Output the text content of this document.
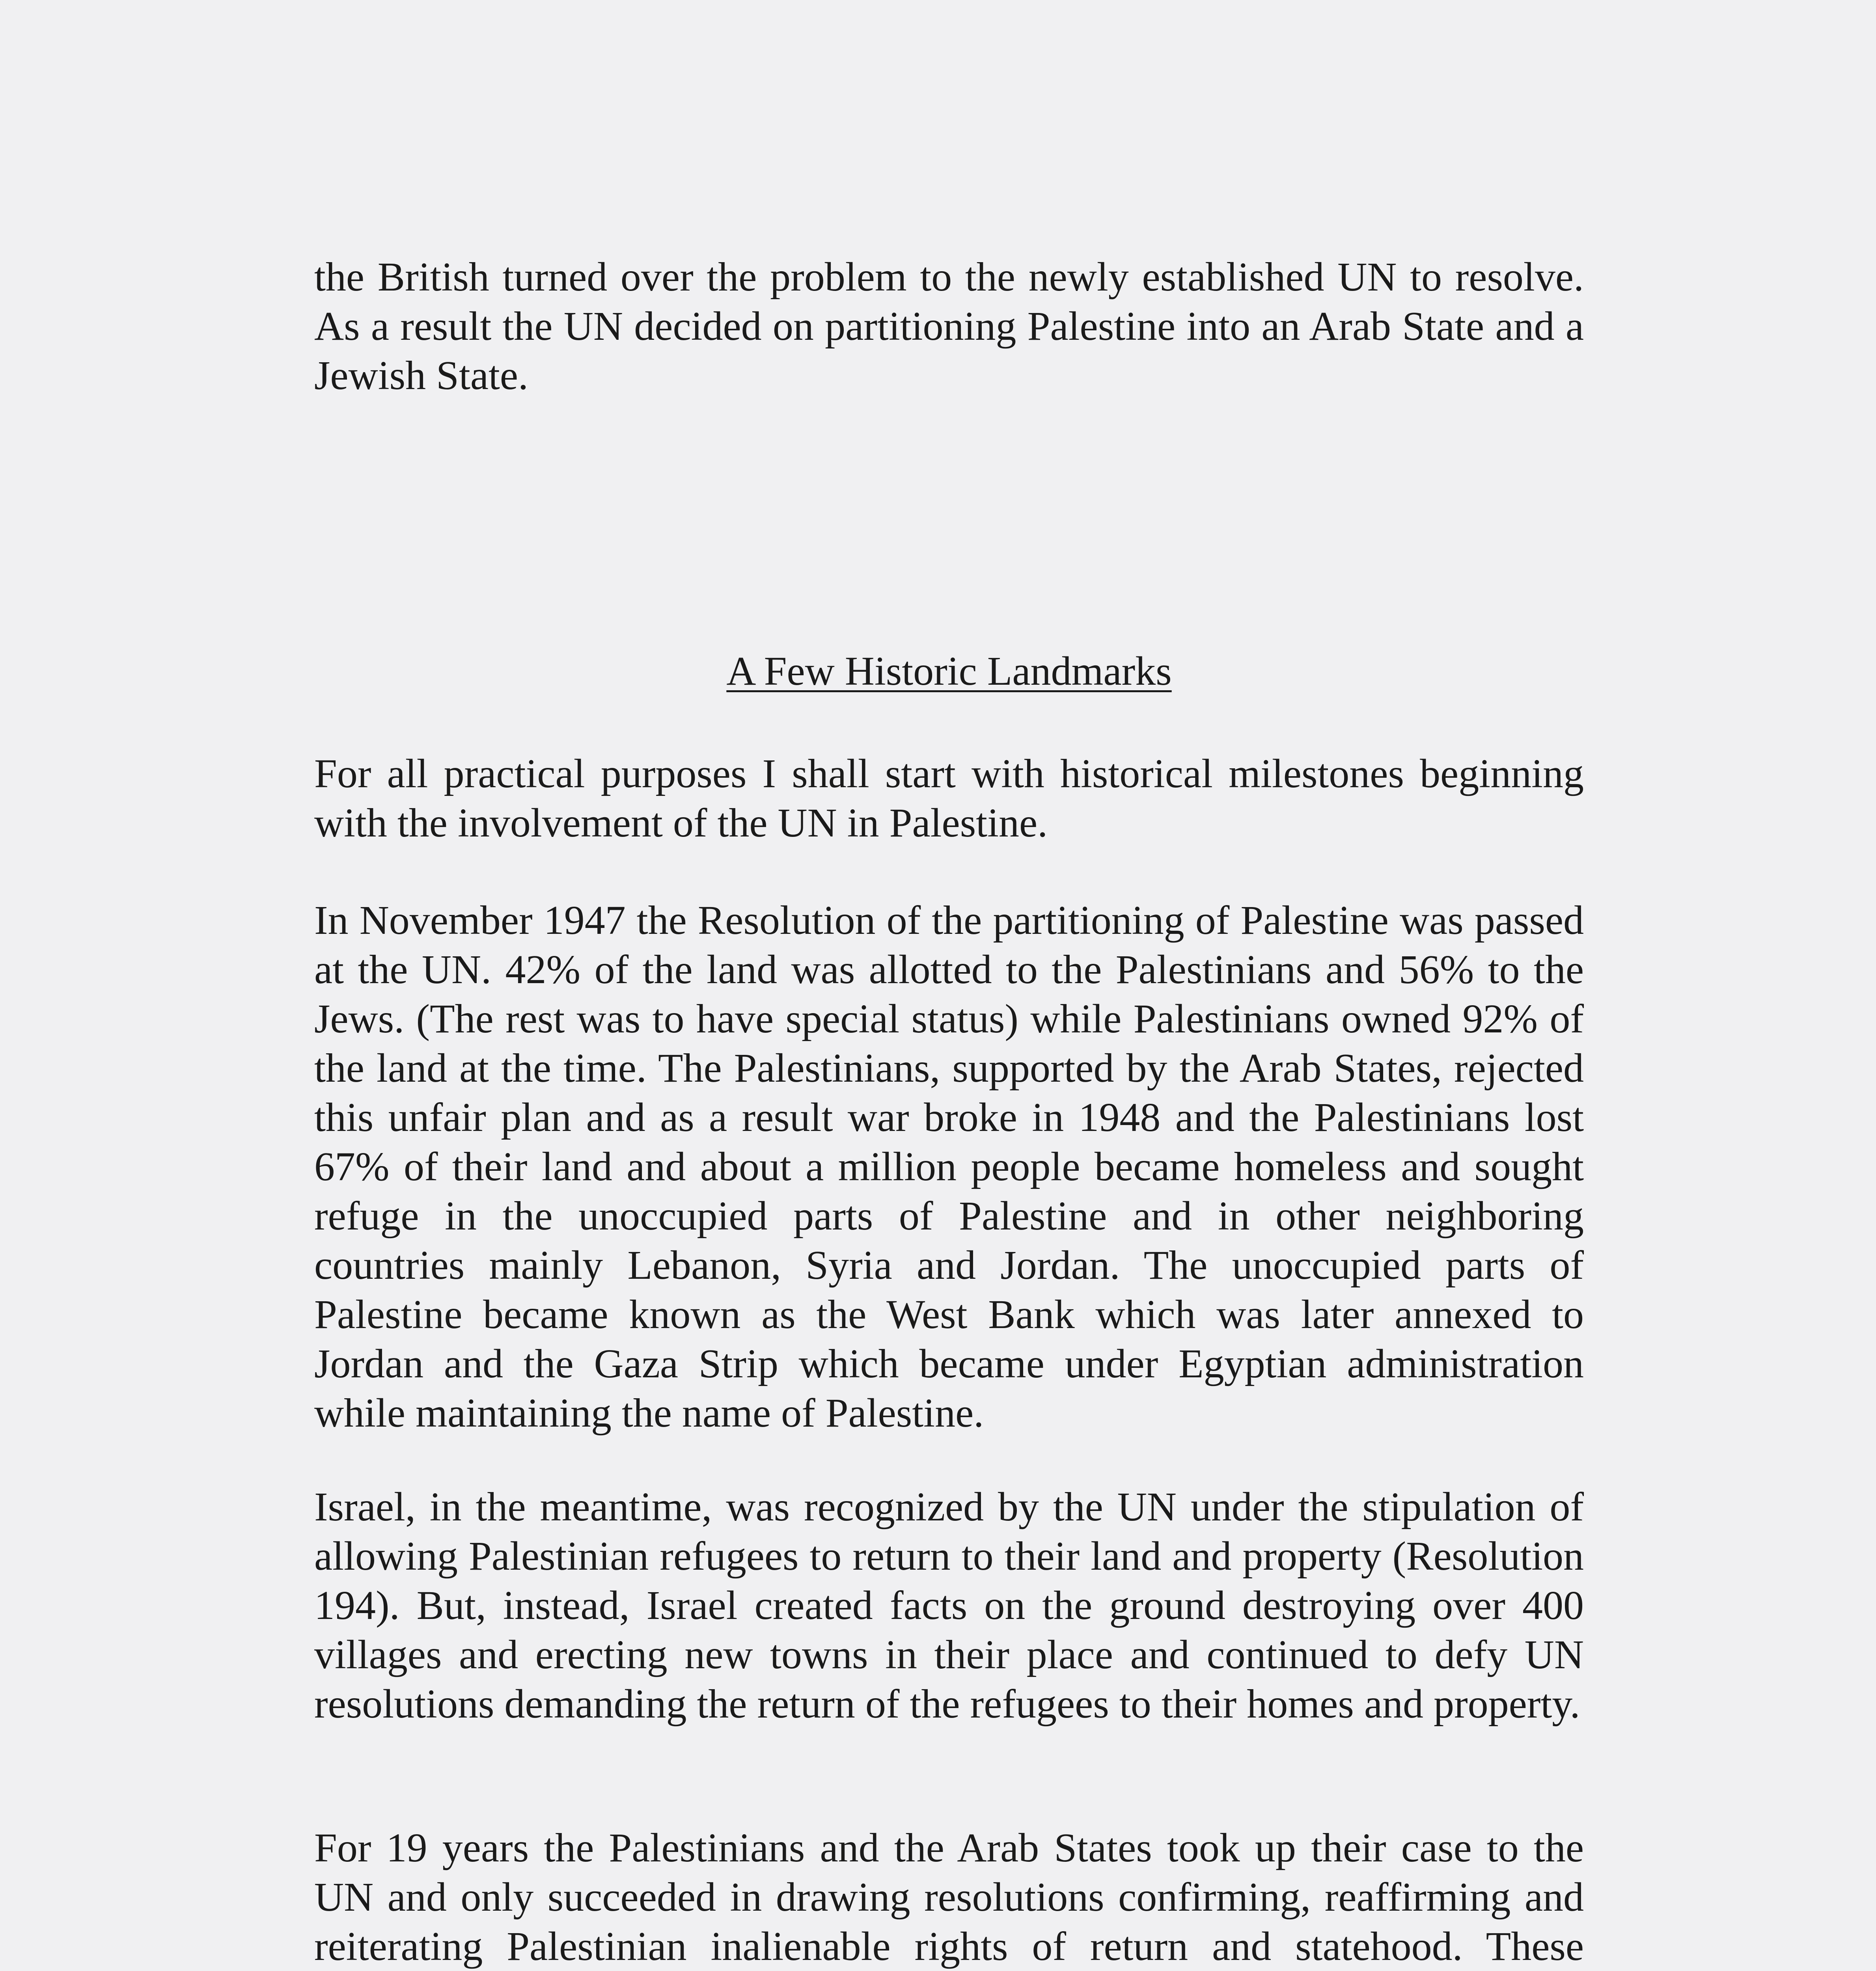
the British turned over the problem to the newly established UN to resolve. As a result the UN decided on partitioning Palestine into an Arab State and a Jewish State.

A Few Historic Landmarks

For all practical purposes I shall start with historical milestones beginning with the involvement of the UN in Palestine.

In November 1947 the Resolution of the partitioning of Palestine was passed at the UN. 42% of the land was allotted to the Palestinians and 56% to the Jews. (The rest was to have special status) while Palestinians owned 92% of the land at the time. The Palestinians, supported by the Arab States, rejected this unfair plan and as a result war broke in 1948 and the Palestinians lost 67% of their land and about a million people became homeless and sought refuge in the unoccupied parts of Palestine and in other neighboring countries mainly Lebanon, Syria and Jordan. The unoccupied parts of Palestine became known as the West Bank which was later annexed to Jordan and the Gaza Strip which became under Egyptian administration while maintaining the name of Palestine.

Israel, in the meantime, was recognized by the UN under the stipulation of allowing Palestinian refugees to return to their land and property (Resolution 194). But, instead, Israel created facts on the ground destroying over 400 villages and erecting new towns in their place and continued to defy UN resolutions demanding the return of the refugees to their homes and property.

For 19 years the Palestinians and the Arab States took up their case to the UN and only succeeded in drawing resolutions confirming, reaffirming and reiterating Palestinian inalienable rights of return and statehood. These
